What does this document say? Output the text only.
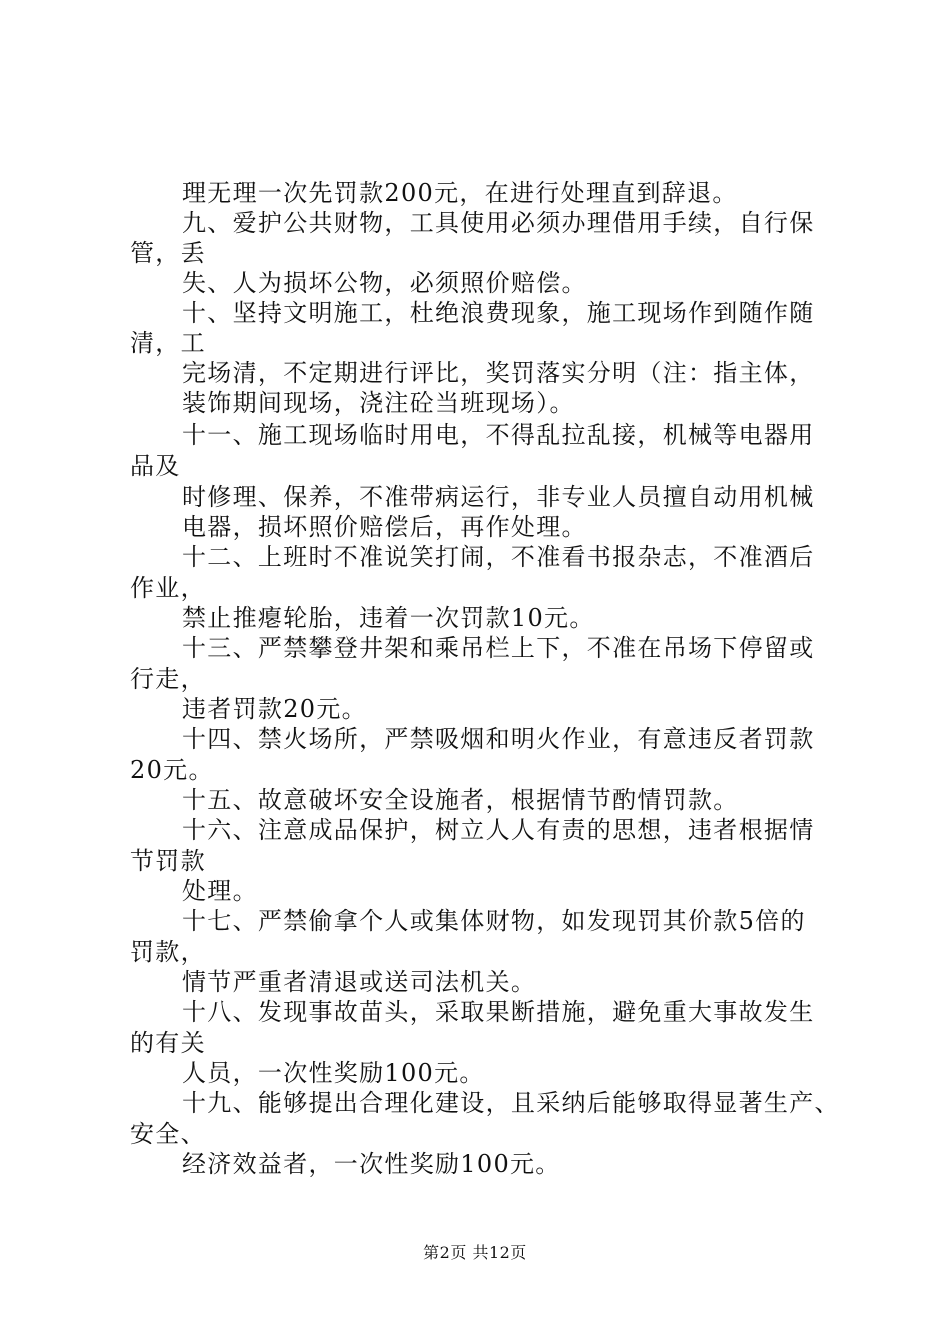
理无理一次先罚款200元，在进行处理直到辞退。
九、爱护公共财物，工具使用必须办理借用手续，自行保
管，丢
失、人为损坏公物，必须照价赔偿。
十、坚持文明施工，杜绝浪费现象，施工现场作到随作随
清，工
完场清，不定期进行评比，奖罚落实分明（注：指主体，
装饰期间现场，浇注砼当班现场）。
十一、施工现场临时用电，不得乱拉乱接，机械等电器用
品及
时修理、保养，不准带病运行，非专业人员擅自动用机械
电器，损坏照价赔偿后，再作处理。
十二、上班时不准说笑打闹，不准看书报杂志，不准酒后
作业，
禁止推瘪轮胎，违着一次罚款10元。
十三、严禁攀登井架和乘吊栏上下，不准在吊场下停留或
行走，
违者罚款20元。
十四、禁火场所，严禁吸烟和明火作业，有意违反者罚款
20元。
十五、故意破坏安全设施者，根据情节酌情罚款。
十六、注意成品保护，树立人人有责的思想，违者根据情
节罚款
处理。
十七、严禁偷拿个人或集体财物，如发现罚其价款5倍的
罚款，
情节严重者清退或送司法机关。
十八、发现事故苗头，采取果断措施，避免重大事故发生
的有关
人员，一次性奖励100元。
十九、能够提出合理化建设，且采纳后能够取得显著生产、
安全、
经济效益者，一次性奖励100元。
第2页 共12页
